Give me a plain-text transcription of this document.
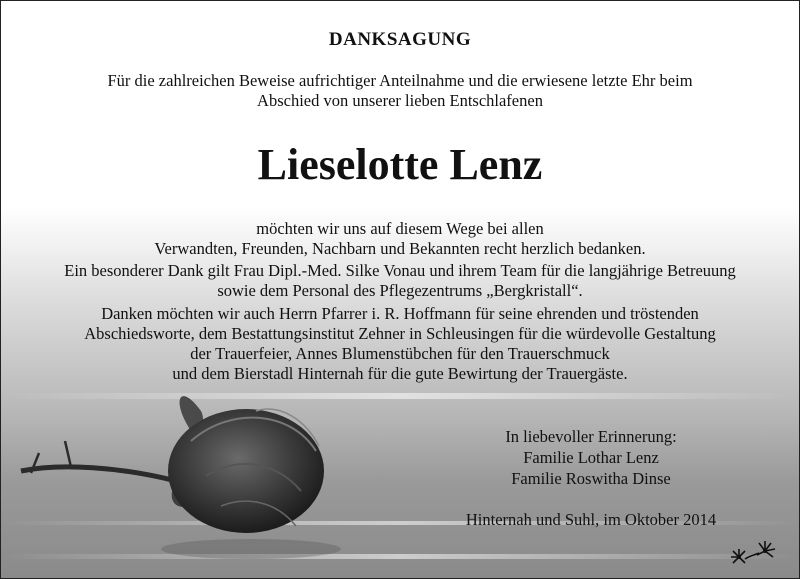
DANKSAGUNG
Für die zahlreichen Beweise aufrichtiger Anteilnahme und die erwiesene letzte Ehr beim
Abschied von unserer lieben Entschlafenen
Lieselotte Lenz
möchten wir uns auf diesem Wege bei allen
Verwandten, Freunden, Nachbarn und Bekannten recht herzlich bedanken.
Ein besonderer Dank gilt Frau Dipl.-Med. Silke Vonau und ihrem Team für die langjährige Betreuung
sowie dem Personal des Pflegezentrums „Bergkristall“.
Danken möchten wir auch Herrn Pfarrer i. R. Hoffmann für seine ehrenden und tröstenden
Abschiedsworte, dem Bestattungsinstitut Zehner in Schleusingen für die würdevolle Gestaltung
der Trauerfeier, Annes Blumenstübchen für den Trauerschmuck
und dem Bierstadl Hinternah für die gute Bewirtung der Trauergäste.
In liebevoller Erinnerung:
Familie Lothar Lenz
Familie Roswitha Dinse
Hinternah und Suhl, im Oktober 2014
